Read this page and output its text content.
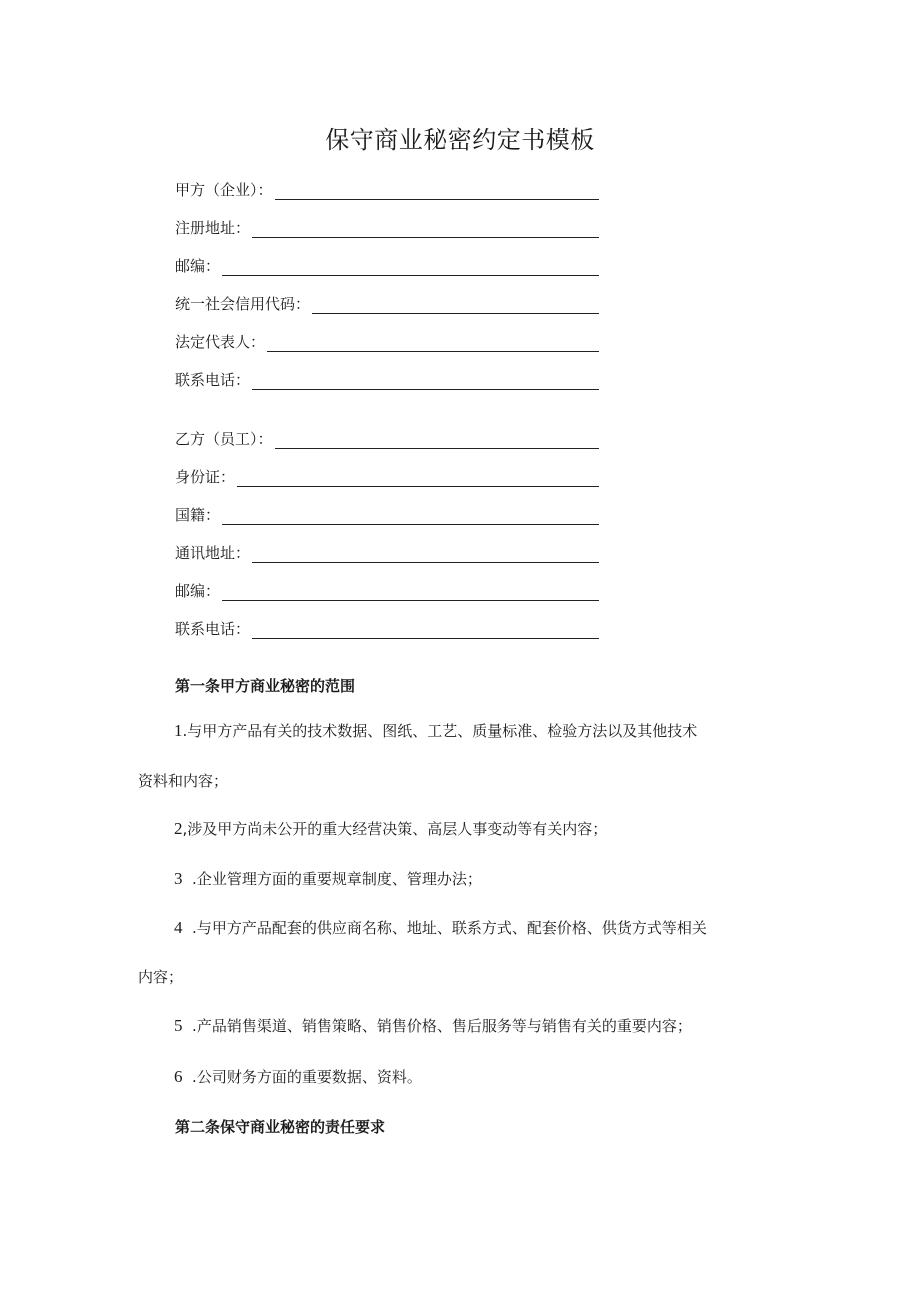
保守商业秘密约定书模板
甲方（企业）：
注册地址：
邮编：
统一社会信用代码：
法定代表人：
联系电话：
乙方（员工）：
身份证：
国籍：
通讯地址：
邮编：
联系电话：
第一条甲方商业秘密的范围
1.与甲方产品有关的技术数据、图纸、工艺、质量标准、检验方法以及其他技术
资料和内容；
2,涉及甲方尚未公开的重大经营决策、高层人事变动等有关内容；
3 .企业管理方面的重要规章制度、管理办法；
4 .与甲方产品配套的供应商名称、地址、联系方式、配套价格、供货方式等相关
内容；
5 .产品销售渠道、销售策略、销售价格、售后服务等与销售有关的重要内容；
6 .公司财务方面的重要数据、资料。
第二条保守商业秘密的责任要求
